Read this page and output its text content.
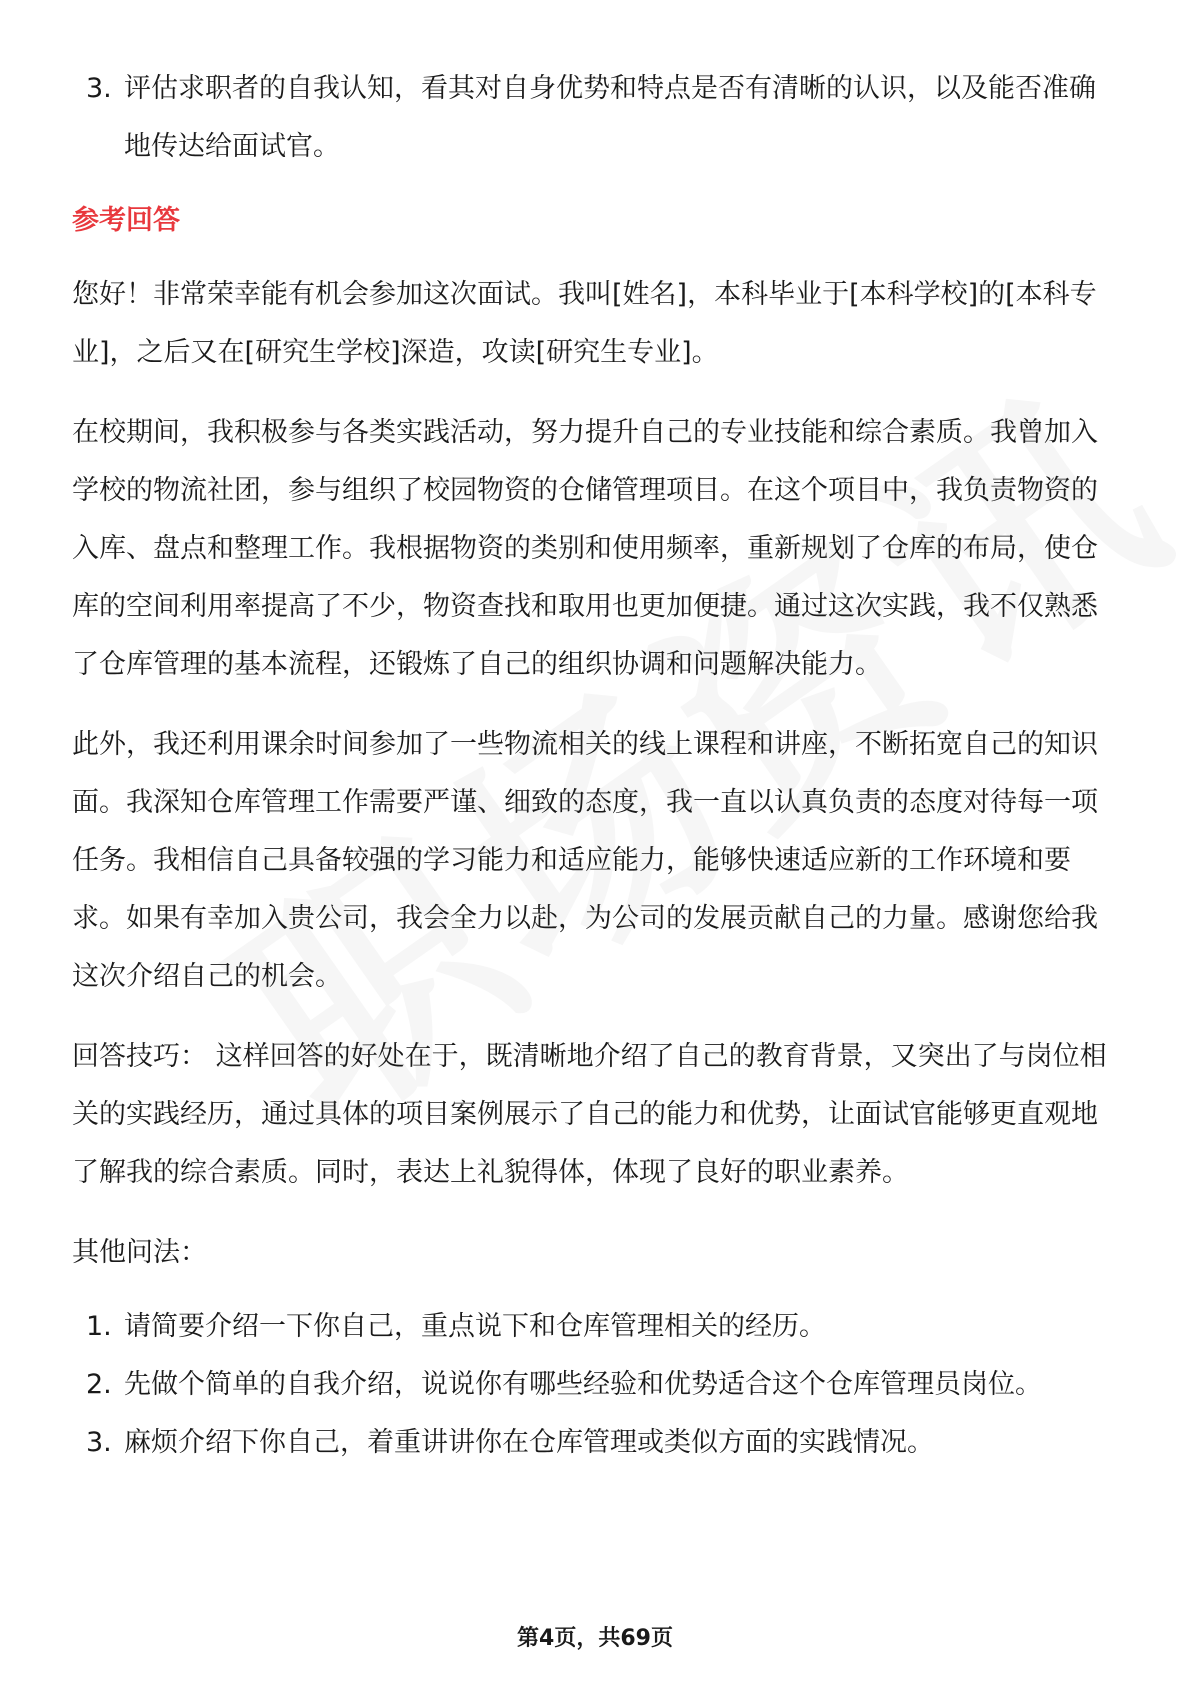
3. 评估求职者的自我认知，看其对自身优势和特点是否有清晰的认识，以及能否准确地传达给面试官。

参考回答

您好！非常荣幸能有机会参加这次面试。我叫[姓名]，本科毕业于[本科学校]的[本科专业]，之后又在[研究生学校]深造，攻读[研究生专业]。

在校期间，我积极参与各类实践活动，努力提升自己的专业技能和综合素质。我曾加入学校的物流社团，参与组织了校园物资的仓储管理项目。在这个项目中，我负责物资的入库、盘点和整理工作。我根据物资的类别和使用频率，重新规划了仓库的布局，使仓库的空间利用率提高了不少，物资查找和取用也更加便捷。通过这次实践，我不仅熟悉了仓库管理的基本流程，还锻炼了自己的组织协调和问题解决能力。

此外，我还利用课余时间参加了一些物流相关的线上课程和讲座，不断拓宽自己的知识面。我深知仓库管理工作需要严谨、细致的态度，我一直以认真负责的态度对待每一项任务。我相信自己具备较强的学习能力和适应能力，能够快速适应新的工作环境和要求。如果有幸加入贵公司，我会全力以赴，为公司的发展贡献自己的力量。感谢您给我这次介绍自己的机会。

回答技巧： 这样回答的好处在于，既清晰地介绍了自己的教育背景，又突出了与岗位相关的实践经历，通过具体的项目案例展示了自己的能力和优势，让面试官能够更直观地了解我的综合素质。同时，表达上礼貌得体，体现了良好的职业素养。

其他问法：

1. 请简要介绍一下你自己，重点说下和仓库管理相关的经历。
2. 先做个简单的自我介绍，说说你有哪些经验和优势适合这个仓库管理员岗位。
3. 麻烦介绍下你自己，着重讲讲你在仓库管理或类似方面的实践情况。
第4页，共69页
